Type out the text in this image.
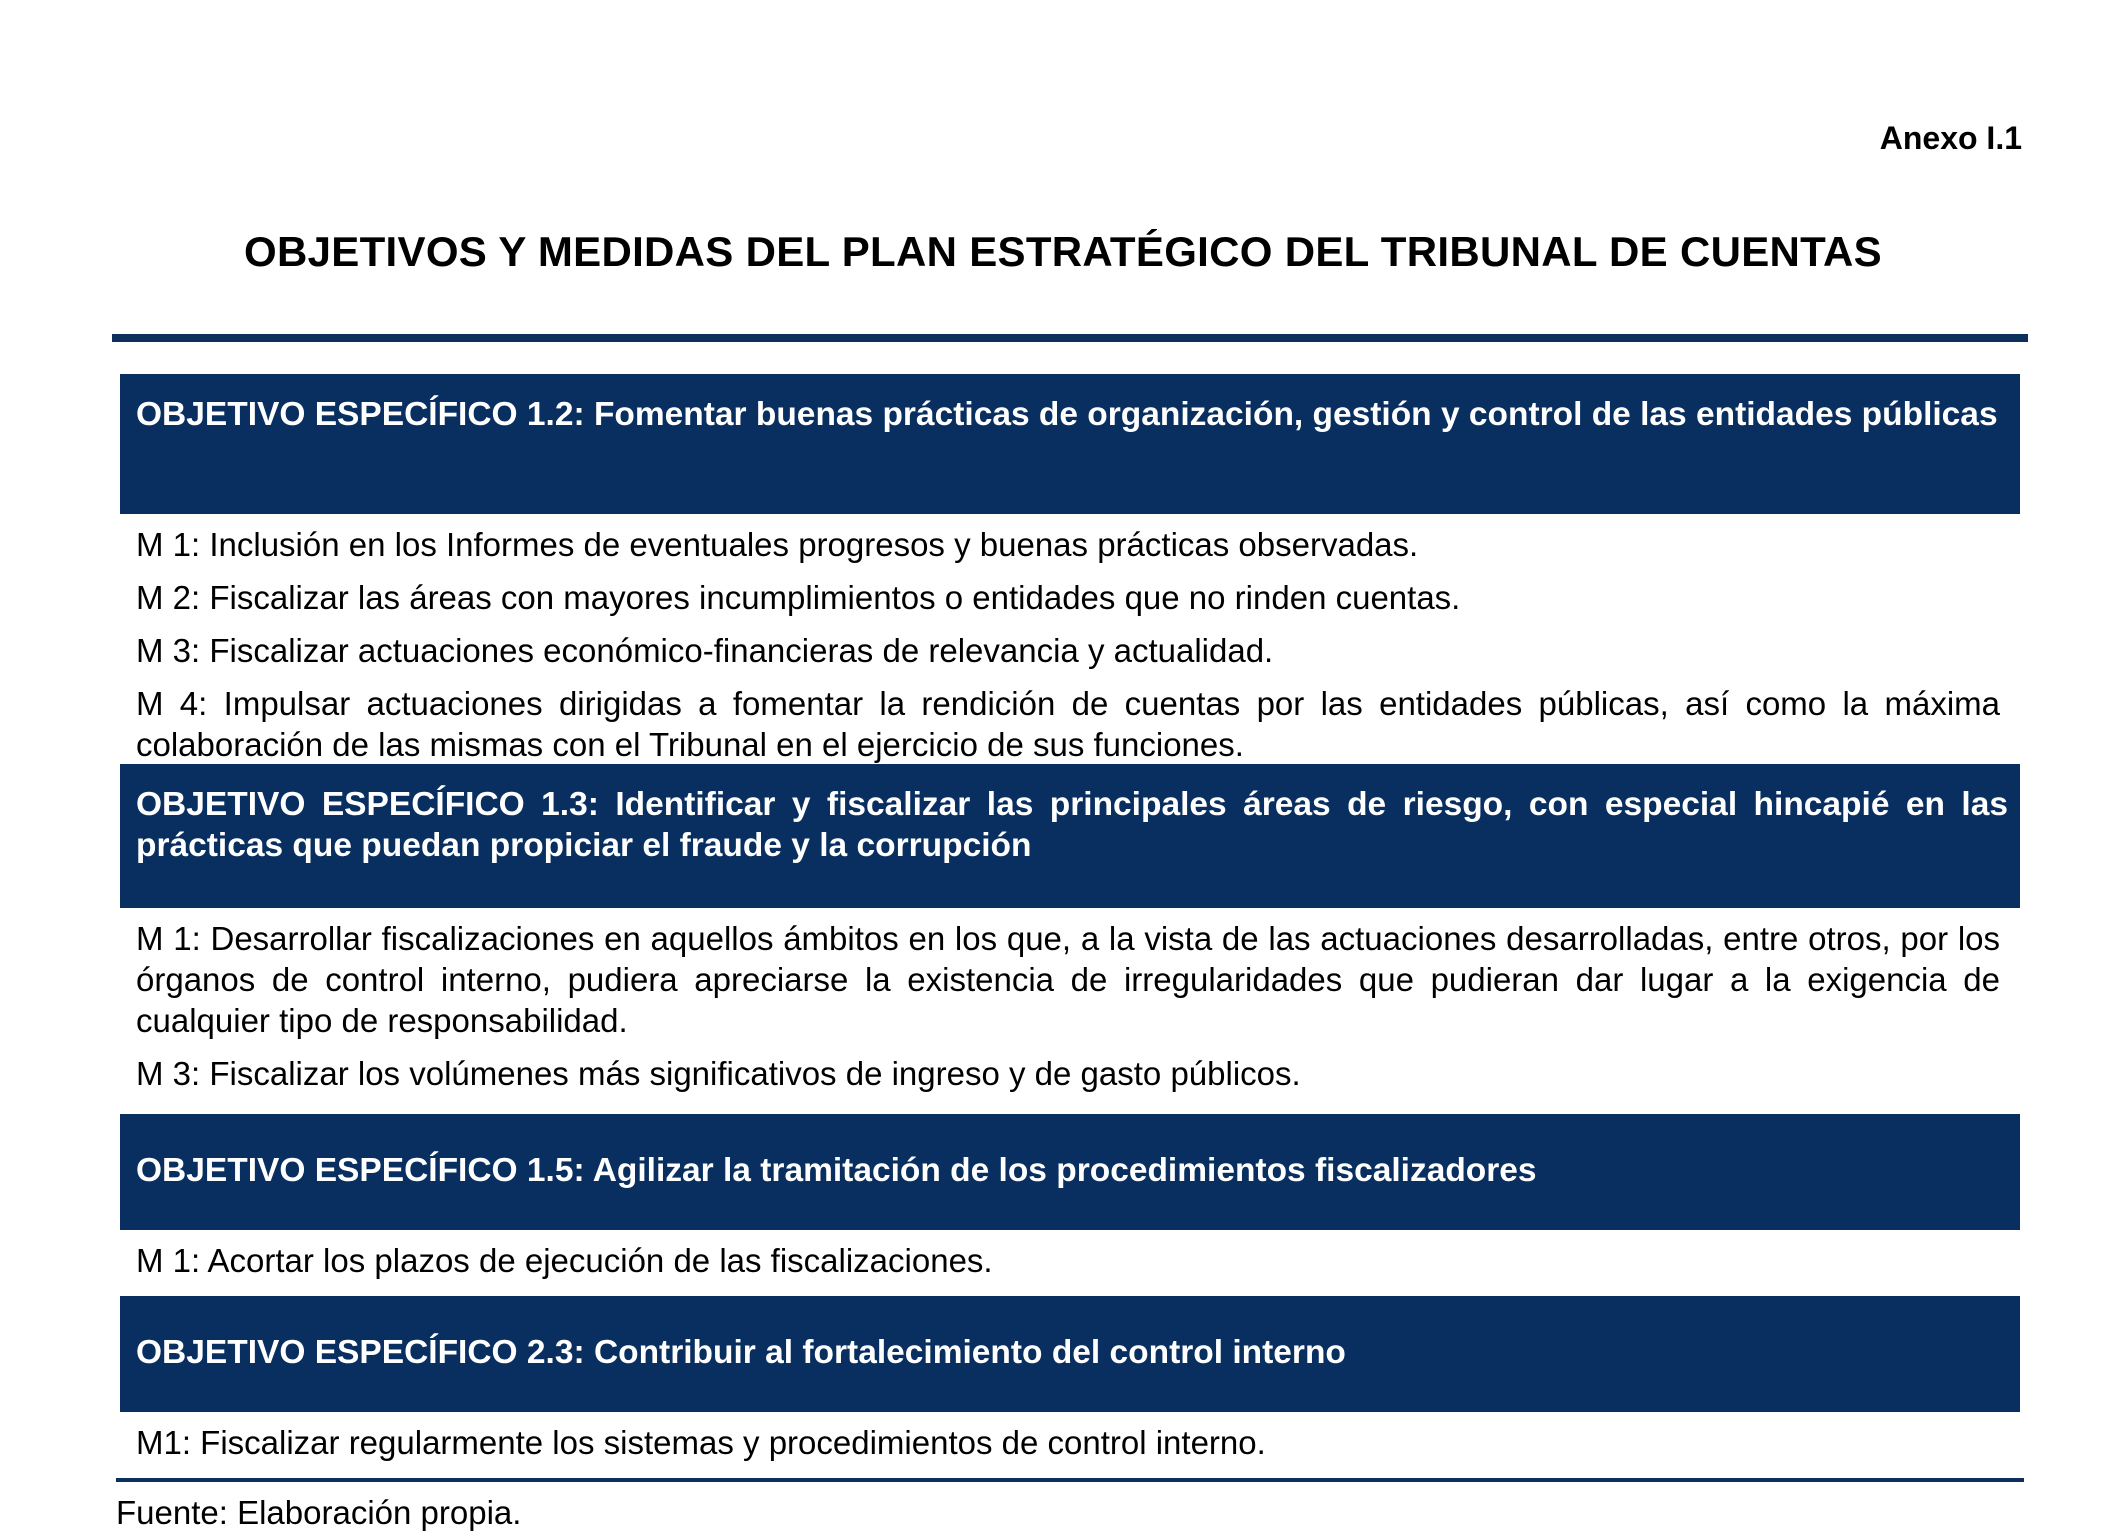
Anexo I.1
OBJETIVOS Y MEDIDAS DEL PLAN ESTRATÉGICO DEL TRIBUNAL DE CUENTAS
OBJETIVO ESPECÍFICO 1.2: Fomentar buenas prácticas de organización, gestión y control de las entidades públicas

M 1: Inclusión en los Informes de eventuales progresos y buenas prácticas observadas.

M 2: Fiscalizar las áreas con mayores incumplimientos o entidades que no rinden cuentas.

M 3: Fiscalizar actuaciones económico-financieras de relevancia y actualidad.

M 4: Impulsar actuaciones dirigidas a fomentar la rendición de cuentas por las entidades públicas, así como la máxima colaboración de las mismas con el Tribunal en el ejercicio de sus funciones.

OBJETIVO ESPECÍFICO 1.3: Identificar y fiscalizar las principales áreas de riesgo, con especial hincapié en las prácticas que puedan propiciar el fraude y la corrupción

M 1: Desarrollar fiscalizaciones en aquellos ámbitos en los que, a la vista de las actuaciones desarrolladas, entre otros, por los órganos de control interno, pudiera apreciarse la existencia de irregularidades que pudieran dar lugar a la exigencia de cualquier tipo de responsabilidad.

M 3: Fiscalizar los volúmenes más significativos de ingreso y de gasto públicos.

OBJETIVO ESPECÍFICO 1.5: Agilizar la tramitación de los procedimientos fiscalizadores

M 1: Acortar los plazos de ejecución de las fiscalizaciones.

OBJETIVO ESPECÍFICO 2.3: Contribuir al fortalecimiento del control interno

M1: Fiscalizar regularmente los sistemas y procedimientos de control interno.

Fuente: Elaboración propia.
